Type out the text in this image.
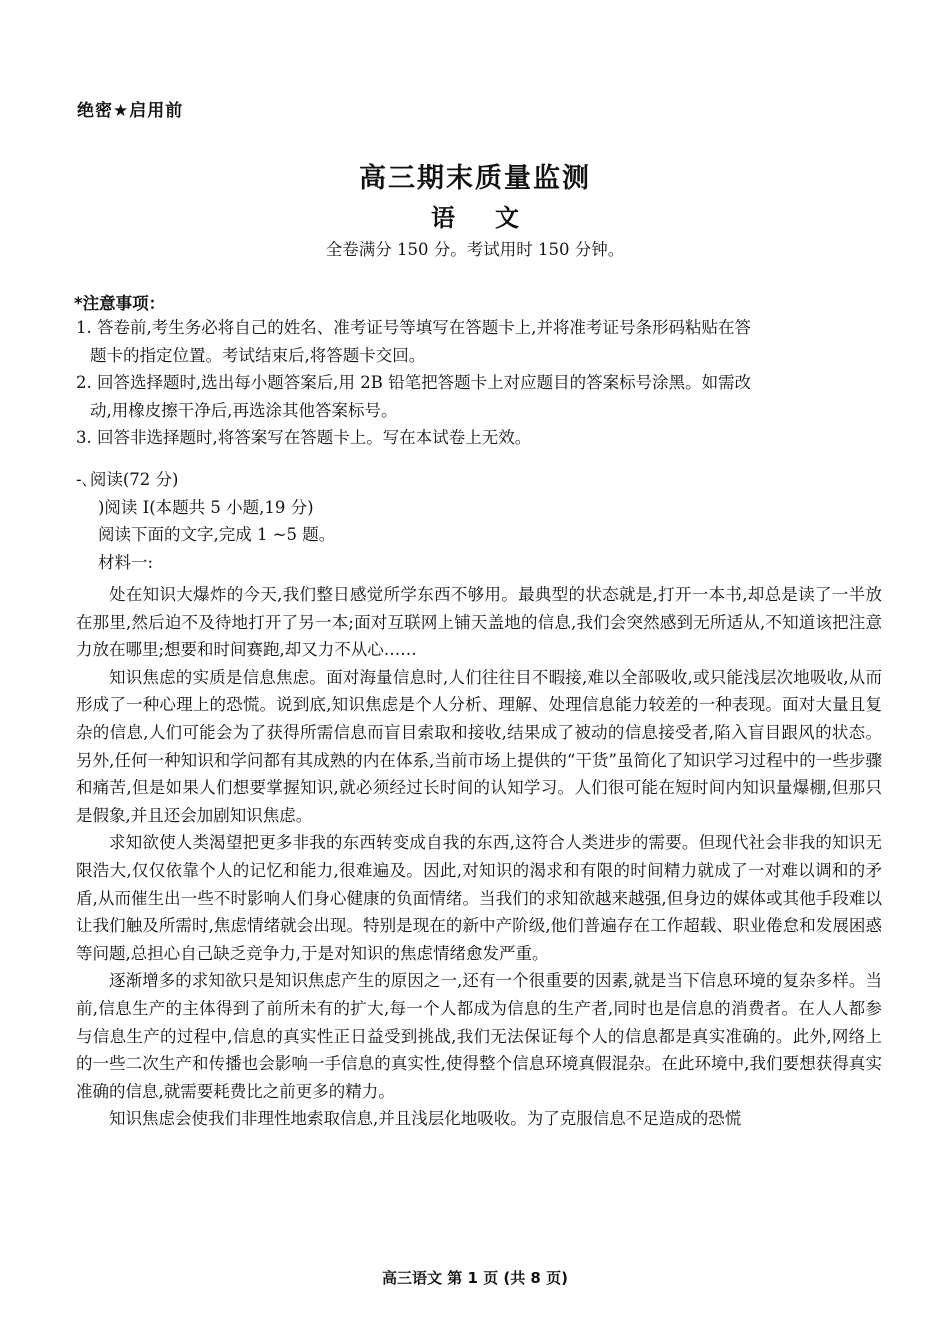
绝密★启用前
高三期末质量监测
语 文
全卷满分 150 分。考试用时 150 分钟。
*注意事项：
1. 答卷前,考生务必将自己的姓名、准考证号等填写在答题卡上,并将准考证号条形码粘贴在答
题卡的指定位置。考试结束后,将答题卡交回。
2. 回答选择题时,选出每小题答案后,用 2B 铅笔把答题卡上对应题目的答案标号涂黑。如需改
动,用橡皮擦干净后,再选涂其他答案标号。
3. 回答非选择题时,将答案写在答题卡上。写在本试卷上无效。

-､阅读(72 分)

)阅读 I(本题共 5 小题,19 分)

阅读下面的文字,完成 1 ~5 题。

材料一:

处在知识大爆炸的今天,我们整日感觉所学东西不够用。最典型的状态就是,打开一本书,却总是读了一半放在那里,然后迫不及待地打开了另一本;面对互联网上铺天盖地的信息,我们会突然感到无所适从,不知道该把注意力放在哪里;想要和时间赛跑,却又力不从心……

知识焦虑的实质是信息焦虑。面对海量信息时,人们往往目不暇接,难以全部吸收,或只能浅层次地吸收,从而形成了一种心理上的恐慌。说到底,知识焦虑是个人分析、理解、处理信息能力较差的一种表现。面对大量且复杂的信息,人们可能会为了获得所需信息而盲目索取和接收,结果成了被动的信息接受者,陷入盲目跟风的状态。另外,任何一种知识和学问都有其成熟的内在体系,当前市场上提供的“干货”虽简化了知识学习过程中的一些步骤和痛苦,但是如果人们想要掌握知识,就必须经过长时间的认知学习。人们很可能在短时间内知识量爆棚,但那只是假象,并且还会加剧知识焦虑。

求知欲使人类渴望把更多非我的东西转变成自我的东西,这符合人类进步的需要。但现代社会非我的知识无限浩大,仅仅依靠个人的记忆和能力,很难遍及。因此,对知识的渴求和有限的时间精力就成了一对难以调和的矛盾,从而催生出一些不时影响人们身心健康的负面情绪。当我们的求知欲越来越强,但身边的媒体或其他手段难以让我们触及所需时,焦虑情绪就会出现。特别是现在的新中产阶级,他们普遍存在工作超载、职业倦怠和发展困惑等问题,总担心自己缺乏竞争力,于是对知识的焦虑情绪愈发严重。

逐渐增多的求知欲只是知识焦虑产生的原因之一,还有一个很重要的因素,就是当下信息环境的复杂多样。当前,信息生产的主体得到了前所未有的扩大,每一个人都成为信息的生产者,同时也是信息的消费者。在人人都参与信息生产的过程中,信息的真实性正日益受到挑战,我们无法保证每个人的信息都是真实准确的。此外,网络上的一些二次生产和传播也会影响一手信息的真实性,使得整个信息环境真假混杂。在此环境中,我们要想获得真实准确的信息,就需要耗费比之前更多的精力。

知识焦虑会使我们非理性地索取信息,并且浅层化地吸收。为了克服信息不足造成的恐慌

高三语文 第 1 页 (共 8 页)
